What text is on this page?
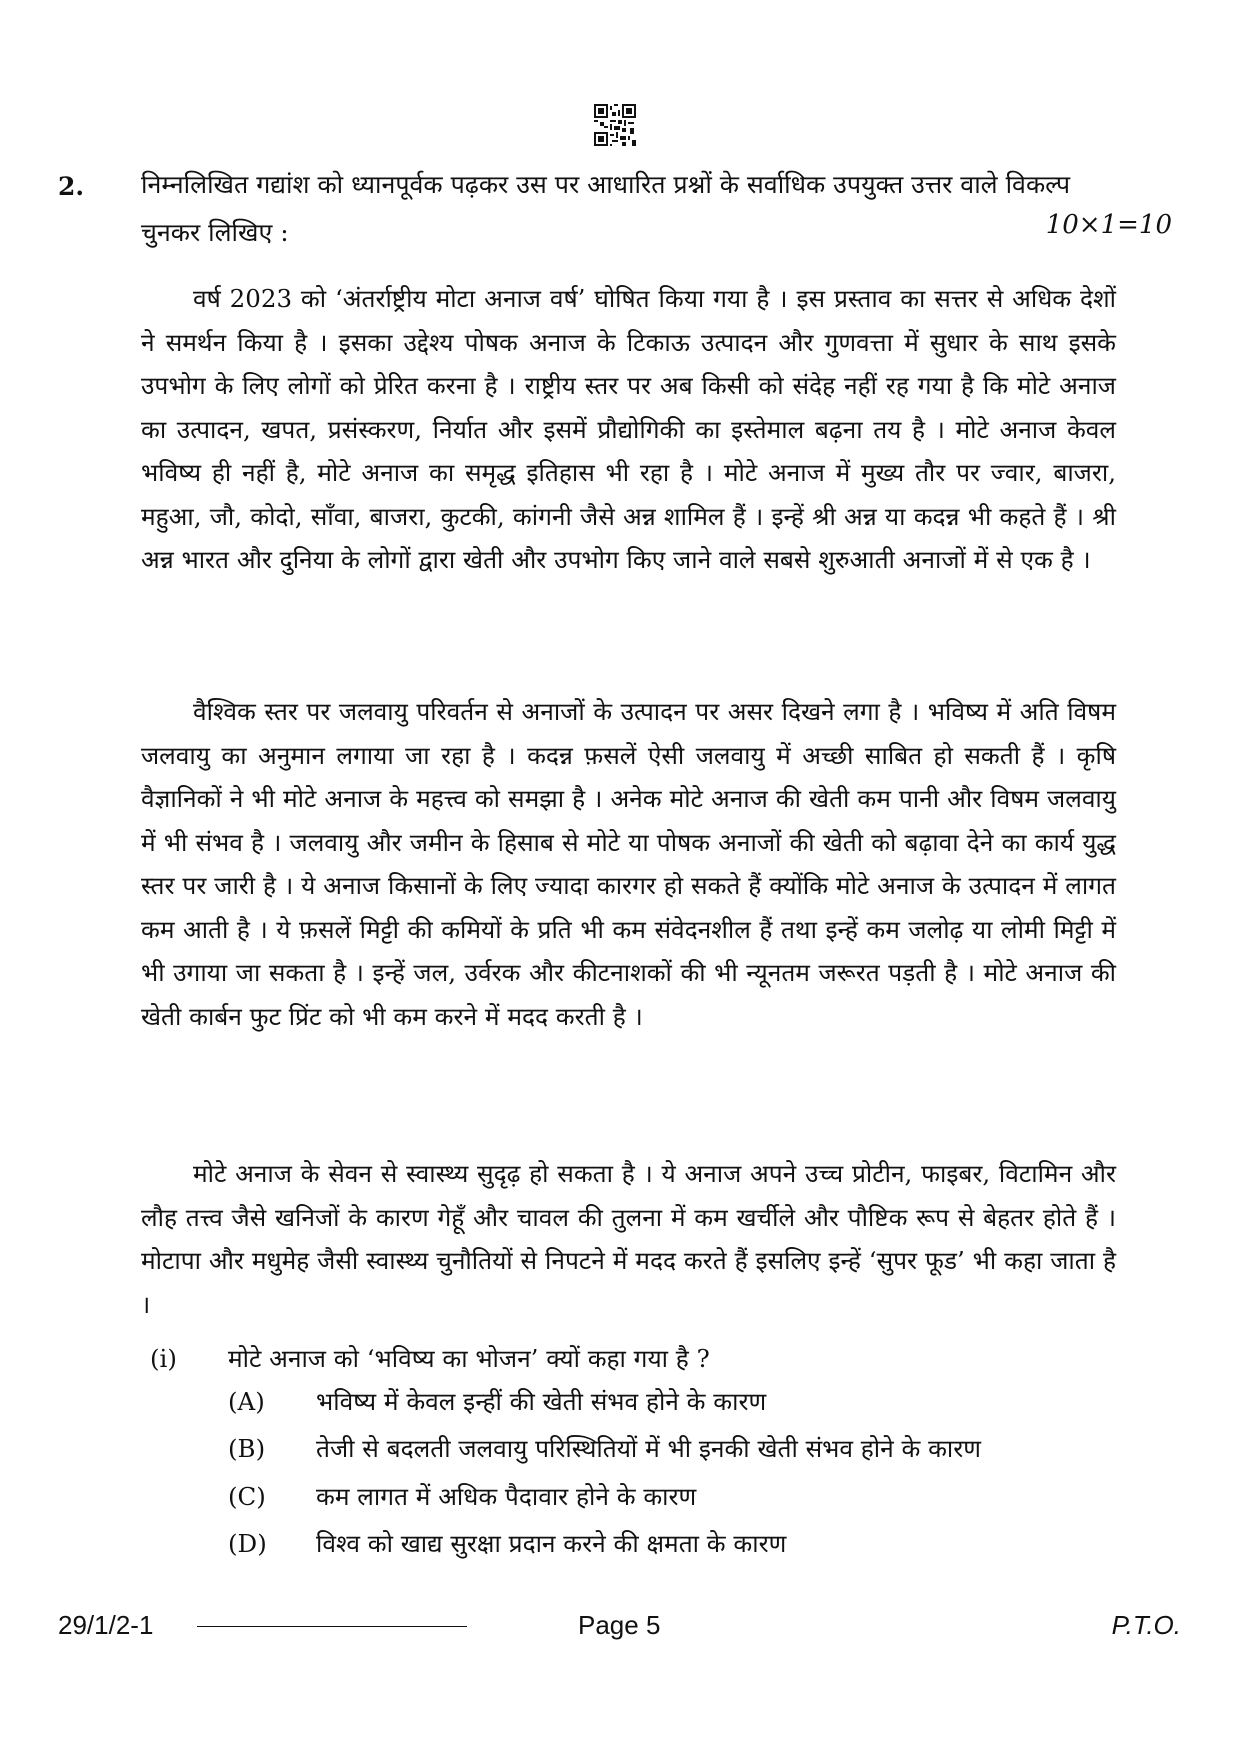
2. निम्नलिखित गद्यांश को ध्यानपूर्वक पढ़कर उस पर आधारित प्रश्नों के सर्वाधिक उपयुक्त उत्तर वाले विकल्प चुनकर लिखिए :	10×1=10

वर्ष 2023 को ‘अंतर्राष्ट्रीय मोटा अनाज वर्ष’ घोषित किया गया है । इस प्रस्ताव का सत्तर से अधिक देशों ने समर्थन किया है । इसका उद्देश्य पोषक अनाज के टिकाऊ उत्पादन और गुणवत्ता में सुधार के साथ इसके उपभोग के लिए लोगों को प्रेरित करना है । राष्ट्रीय स्तर पर अब किसी को संदेह नहीं रह गया है कि मोटे अनाज का उत्पादन, खपत, प्रसंस्करण, निर्यात और इसमें प्रौद्योगिकी का इस्तेमाल बढ़ना तय है । मोटे अनाज केवल भविष्य ही नहीं है, मोटे अनाज का समृद्ध इतिहास भी रहा है । मोटे अनाज में मुख्य तौर पर ज्वार, बाजरा, महुआ, जौ, कोदो, साँवा, बाजरा, कुटकी, कांगनी जैसे अन्न शामिल हैं । इन्हें श्री अन्न या कदन्न भी कहते हैं । श्री अन्न भारत और दुनिया के लोगों द्वारा खेती और उपभोग किए जाने वाले सबसे शुरुआती अनाजों में से एक है ।

वैश्विक स्तर पर जलवायु परिवर्तन से अनाजों के उत्पादन पर असर दिखने लगा है । भविष्य में अति विषम जलवायु का अनुमान लगाया जा रहा है । कदन्न फ़सलें ऐसी जलवायु में अच्छी साबित हो सकती हैं । कृषि वैज्ञानिकों ने भी मोटे अनाज के महत्त्व को समझा है । अनेक मोटे अनाज की खेती कम पानी और विषम जलवायु में भी संभव है । जलवायु और जमीन के हिसाब से मोटे या पोषक अनाजों की खेती को बढ़ावा देने का कार्य युद्ध स्तर पर जारी है । ये अनाज किसानों के लिए ज्यादा कारगर हो सकते हैं क्योंकि मोटे अनाज के उत्पादन में लागत कम आती है । ये फ़सलें मिट्टी की कमियों के प्रति भी कम संवेदनशील हैं तथा इन्हें कम जलोढ़ या लोमी मिट्टी में भी उगाया जा सकता है । इन्हें जल, उर्वरक और कीटनाशकों की भी न्यूनतम जरूरत पड़ती है । मोटे अनाज की खेती कार्बन फुट प्रिंट को भी कम करने में मदद करती है ।

मोटे अनाज के सेवन से स्वास्थ्य सुदृढ़ हो सकता है । ये अनाज अपने उच्च प्रोटीन, फाइबर, विटामिन और लौह तत्त्व जैसे खनिजों के कारण गेहूँ और चावल की तुलना में कम खर्चीले और पौष्टिक रूप से बेहतर होते हैं । मोटापा और मधुमेह जैसी स्वास्थ्य चुनौतियों से निपटने में मदद करते हैं इसलिए इन्हें ‘सुपर फूड’ भी कहा जाता है ।

(i) मोटे अनाज को ‘भविष्य का भोजन’ क्यों कहा गया है ?
(A) भविष्य में केवल इन्हीं की खेती संभव होने के कारण
(B) तेजी से बदलती जलवायु परिस्थितियों में भी इनकी खेती संभव होने के कारण
(C) कम लागत में अधिक पैदावार होने के कारण
(D) विश्व को खाद्य सुरक्षा प्रदान करने की क्षमता के कारण
29/1/2-1	Page 5	P.T.O.
